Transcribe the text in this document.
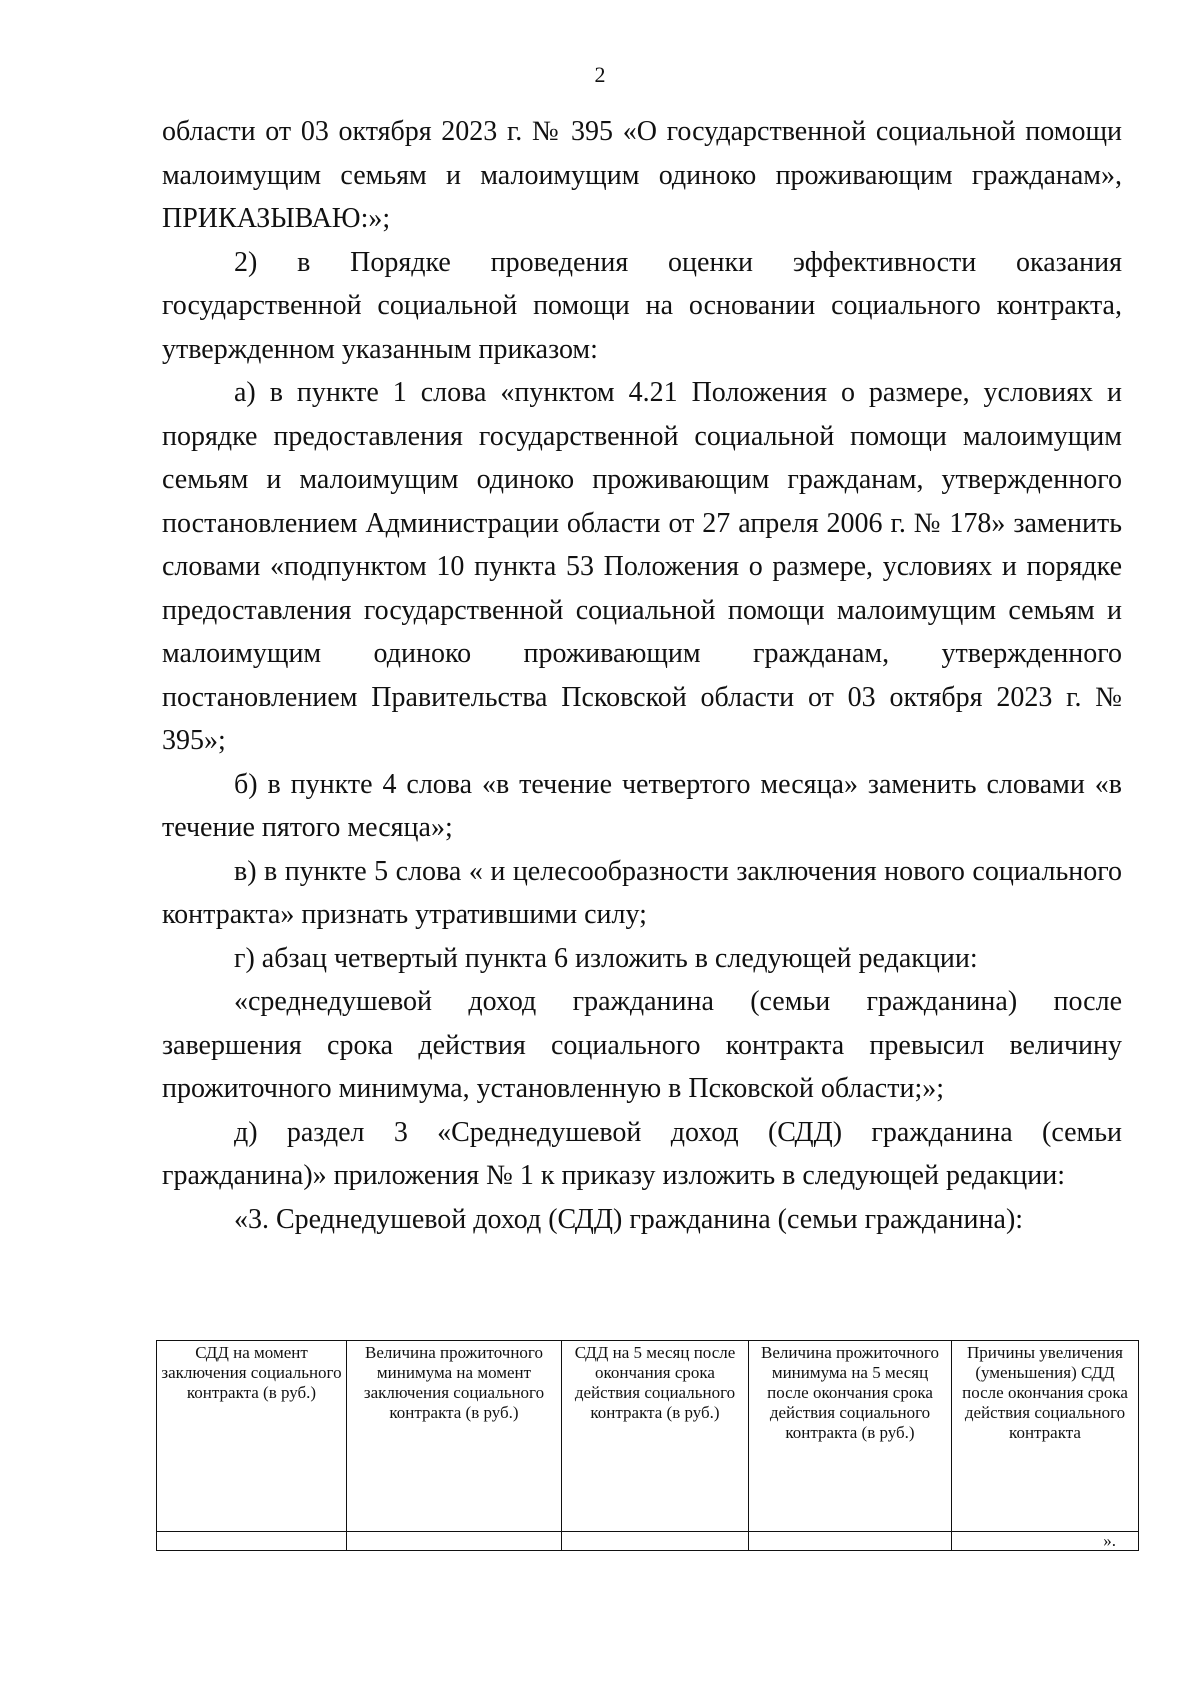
2

области от 03 октября 2023 г. № 395 «О государственной социальной помощи малоимущим семьям и малоимущим одиноко проживающим гражданам», ПРИКАЗЫВАЮ:»;

2) в Порядке проведения оценки эффективности оказания государственной социальной помощи на основании социального контракта, утвержденном указанным приказом:

а) в пункте 1 слова «пунктом 4.21 Положения о размере, условиях и порядке предоставления государственной социальной помощи малоимущим семьям и малоимущим одиноко проживающим гражданам, утвержденного постановлением Администрации области от 27 апреля 2006 г. № 178» заменить словами «подпунктом 10 пункта 53 Положения о размере, условиях и порядке предоставления государственной социальной помощи малоимущим семьям и малоимущим одиноко проживающим гражданам, утвержденного постановлением Правительства Псковской области от 03 октября 2023 г. № 395»;

б) в пункте 4 слова «в течение четвертого месяца» заменить словами «в течение пятого месяца»;

в) в пункте 5 слова « и целесообразности заключения нового социального контракта» признать утратившими силу;

г) абзац четвертый пункта 6 изложить в следующей редакции:

«среднедушевой доход гражданина (семьи гражданина) после завершения срока действия социального контракта превысил величину прожиточного минимума, установленную в Псковской области;»;

д) раздел 3 «Среднедушевой доход (СДД) гражданина (семьи гражданина)» приложения № 1 к приказу изложить в следующей редакции:

«3. Среднедушевой доход (СДД) гражданина (семьи гражданина):

СДД на момент заключения социального контракта (в руб.)	Величина прожиточного минимума на момент заключения социального контракта (в руб.)	СДД на 5 месяц после окончания срока действия социального контракта (в руб.)	Величина прожиточного минимума на 5 месяц после окончания срока действия социального контракта (в руб.)	Причины увеличения (уменьшения) СДД после окончания срока действия социального контракта
				».
